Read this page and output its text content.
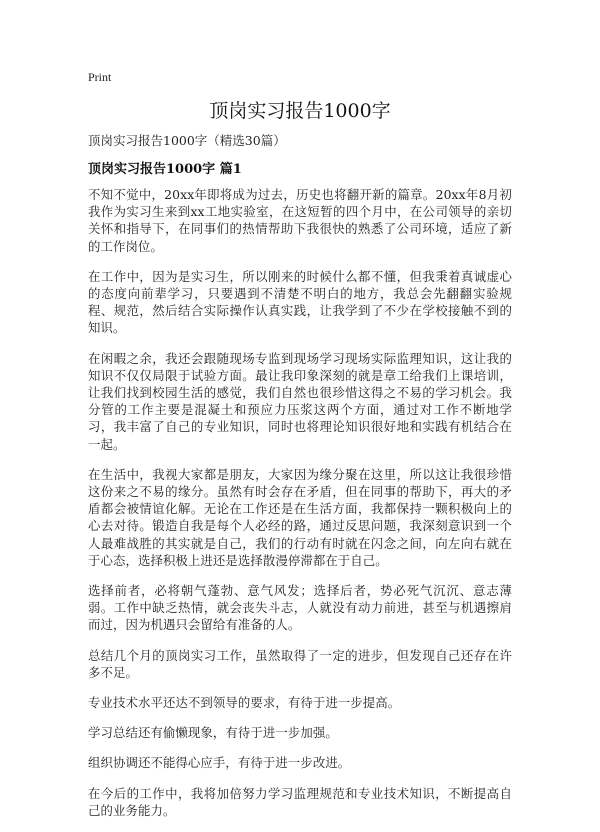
Print
顶岗实习报告1000字
顶岗实习报告1000字（精选30篇）
顶岗实习报告1000字 篇1

不知不觉中，20xx年即将成为过去，历史也将翻开新的篇章。20xx年8月初我作为实习生来到xx工地实验室，在这短暂的四个月中，在公司领导的亲切关怀和指导下，在同事们的热情帮助下我很快的熟悉了公司环境，适应了新的工作岗位。

在工作中，因为是实习生，所以刚来的时候什么都不懂，但我秉着真诚虚心的态度向前辈学习，只要遇到不清楚不明白的地方，我总会先翻翻实验规程、规范，然后结合实际操作认真实践，让我学到了不少在学校接触不到的知识。

在闲暇之余，我还会跟随现场专监到现场学习现场实际监理知识，这让我的知识不仅仅局限于试验方面。最让我印象深刻的就是章工给我们上课培训，让我们找到校园生活的感觉，我们自然也很珍惜这得之不易的学习机会。我分管的工作主要是混凝土和预应力压浆这两个方面，通过对工作不断地学习，我丰富了自己的专业知识，同时也将理论知识很好地和实践有机结合在一起。

在生活中，我视大家都是朋友，大家因为缘分聚在这里，所以这让我很珍惜这份来之不易的缘分。虽然有时会存在矛盾，但在同事的帮助下，再大的矛盾都会被情谊化解。无论在工作还是在生活方面，我都保持一颗积极向上的心去对待。锻造自我是每个人必经的路，通过反思问题，我深刻意识到一个人最难战胜的其实就是自己，我们的行动有时就在闪念之间，向左向右就在于心态，选择积极上进还是选择散漫停滞都在于自己。

选择前者，必将朝气蓬勃、意气风发；选择后者，势必死气沉沉、意志薄弱。工作中缺乏热情，就会丧失斗志，人就没有动力前进，甚至与机遇擦肩而过，因为机遇只会留给有准备的人。

总结几个月的顶岗实习工作，虽然取得了一定的进步，但发现自己还存在许多不足。

专业技术水平还达不到领导的要求，有待于进一步提高。

学习总结还有偷懒现象，有待于进一步加强。

组织协调还不能得心应手，有待于进一步改进。

在今后的工作中，我将加倍努力学习监理规范和专业技术知识，不断提高自己的业务能力。
